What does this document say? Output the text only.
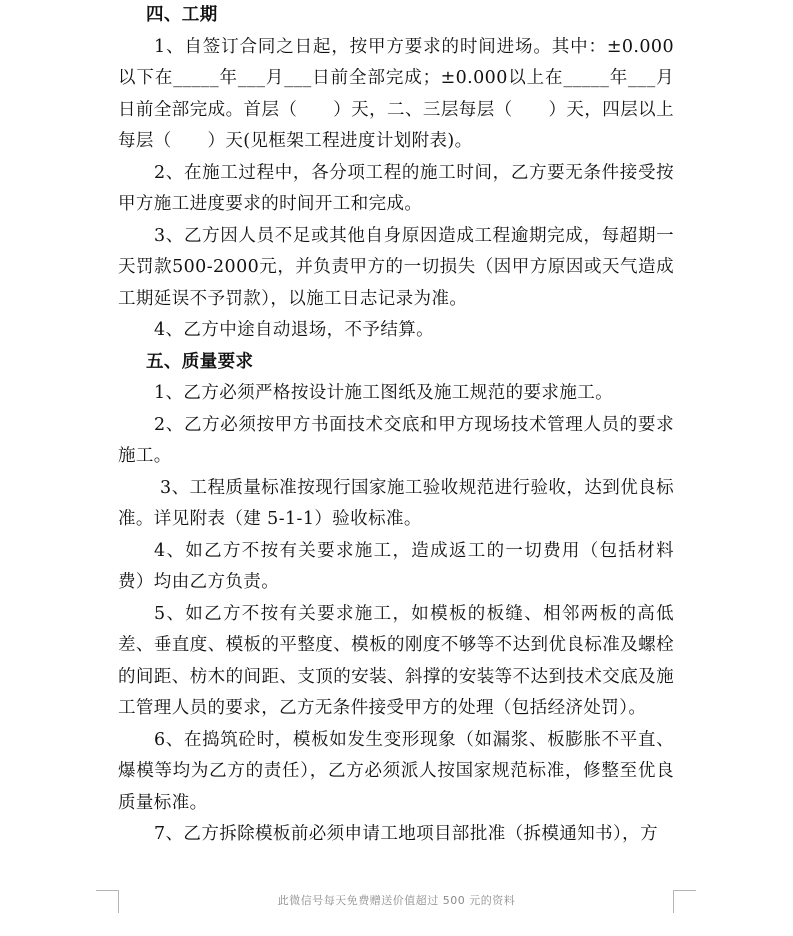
四、工期

1、自签订合同之日起，按甲方要求的时间进场。其中：±0.000以下在_____年___月___日前全部完成；±0.000以上在_____年___月日前全部完成。首层（　　）天，二、三层每层（　　）天，四层以上每层（　　）天(见框架工程进度计划附表)。

2、在施工过程中，各分项工程的施工时间，乙方要无条件接受按甲方施工进度要求的时间开工和完成。

3、乙方因人员不足或其他自身原因造成工程逾期完成，每超期一天罚款500-2000元，并负责甲方的一切损失（因甲方原因或天气造成工期延误不予罚款），以施工日志记录为准。

4、乙方中途自动退场，不予结算。

五、质量要求

1、乙方必须严格按设计施工图纸及施工规范的要求施工。

2、乙方必须按甲方书面技术交底和甲方现场技术管理人员的要求施工。

3、工程质量标准按现行国家施工验收规范进行验收，达到优良标准。详见附表（建 5-1-1）验收标准。

4、如乙方不按有关要求施工，造成返工的一切费用（包括材料费）均由乙方负责。

5、如乙方不按有关要求施工，如模板的板缝、相邻两板的高低差、垂直度、模板的平整度、模板的刚度不够等不达到优良标准及螺栓的间距、枋木的间距、支顶的安装、斜撑的安装等不达到技术交底及施工管理人员的要求，乙方无条件接受甲方的处理（包括经济处罚）。

6、在捣筑砼时，模板如发生变形现象（如漏浆、板膨胀不平直、爆模等均为乙方的责任），乙方必须派人按国家规范标准，修整至优良质量标准。

7、乙方拆除模板前必须申请工地项目部批准（拆模通知书），方

此微信号每天免费赠送价值超过 500 元的资料
